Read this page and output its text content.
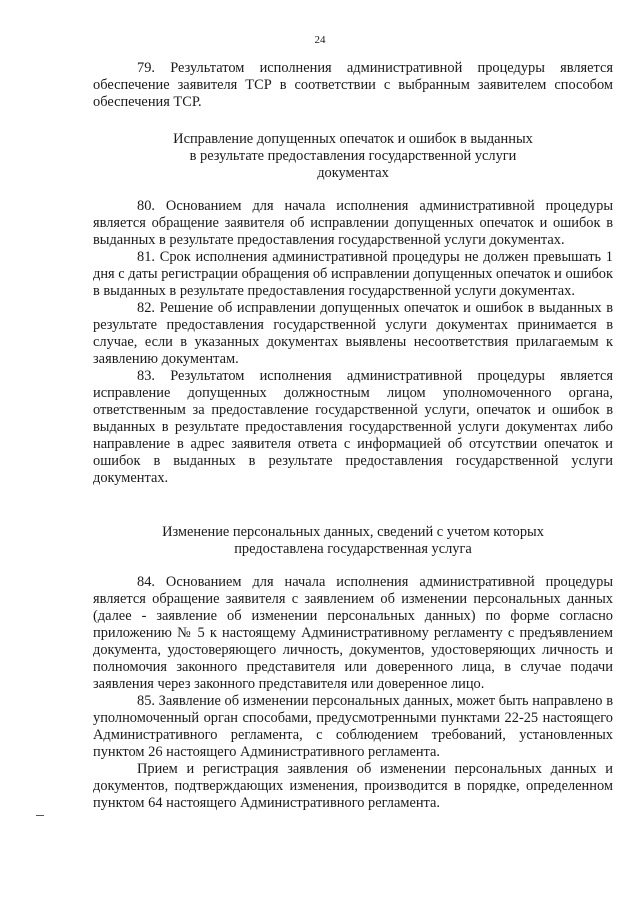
24

79. Результатом исполнения административной процедуры является обеспечение заявителя ТСР в соответствии с выбранным заявителем способом обеспечения ТСР.

Исправление допущенных опечаток и ошибок в выданных
в результате предоставления государственной услуги
документах

80. Основанием для начала исполнения административной процедуры является обращение заявителя об исправлении допущенных опечаток и ошибок в выданных в результате предоставления государственной услуги документах.

81. Срок исполнения административной процедуры не должен превышать 1 дня с даты регистрации обращения об исправлении допущенных опечаток и ошибок в выданных в результате предоставления государственной услуги документах.

82. Решение об исправлении допущенных опечаток и ошибок в выданных в результате предоставления государственной услуги документах принимается в случае, если в указанных документах выявлены несоответствия прилагаемым к заявлению документам.

83. Результатом исполнения административной процедуры является исправление допущенных должностным лицом уполномоченного органа, ответственным за предоставление государственной услуги, опечаток и ошибок в выданных в результате предоставления государственной услуги документах либо направление в адрес заявителя ответа с информацией об отсутствии опечаток и ошибок в выданных в результате предоставления государственной услуги документах.

Изменение персональных данных, сведений с учетом которых
предоставлена государственная услуга

84. Основанием для начала исполнения административной процедуры является обращение заявителя с заявлением об изменении персональных данных (далее - заявление об изменении персональных данных) по форме согласно приложению № 5 к настоящему Административному регламенту с предъявлением документа, удостоверяющего личность, документов, удостоверяющих личность и полномочия законного представителя или доверенного лица, в случае подачи заявления через законного представителя или доверенное лицо.

85. Заявление об изменении персональных данных, может быть направлено в уполномоченный орган способами, предусмотренными пунктами 22-25 настоящего Административного регламента, с соблюдением требований, установленных пунктом 26 настоящего Административного регламента.

Прием и регистрация заявления об изменении персональных данных и документов, подтверждающих изменения, производится в порядке, определенном пунктом 64 настоящего Административного регламента.
